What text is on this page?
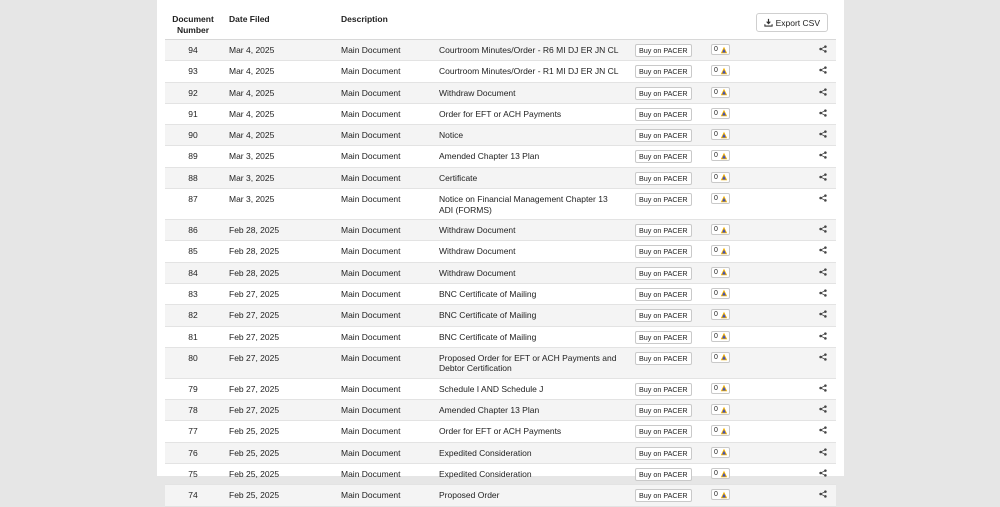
Document
Number
Date Filed	Description	Export CSV
94	Mar 4, 2025	Main Document	Courtroom Minutes/Order - R6 MI DJ ER JN CL	Buy on PACER	0
93	Mar 4, 2025	Main Document	Courtroom Minutes/Order - R1 MI DJ ER JN CL	Buy on PACER	0
92	Mar 4, 2025	Main Document	Withdraw Document	Buy on PACER	0
91	Mar 4, 2025	Main Document	Order for EFT or ACH Payments	Buy on PACER	0
90	Mar 4, 2025	Main Document	Notice	Buy on PACER	0
89	Mar 3, 2025	Main Document	Amended Chapter 13 Plan	Buy on PACER	0
88	Mar 3, 2025	Main Document	Certificate	Buy on PACER	0
87	Mar 3, 2025	Main Document	Notice on Financial Management Chapter 13 ADI (FORMS)
Buy on PACER	0
86	Feb 28, 2025	Main Document	Withdraw Document	Buy on PACER	0
85	Feb 28, 2025	Main Document	Withdraw Document	Buy on PACER	0
84	Feb 28, 2025	Main Document	Withdraw Document	Buy on PACER	0
83	Feb 27, 2025	Main Document	BNC Certificate of Mailing	Buy on PACER	0
82	Feb 27, 2025	Main Document	BNC Certificate of Mailing	Buy on PACER	0
81	Feb 27, 2025	Main Document	BNC Certificate of Mailing	Buy on PACER	0
80	Feb 27, 2025	Main Document	Proposed Order for EFT or ACH Payments and Debtor Certification
Buy on PACER	0
79	Feb 27, 2025	Main Document	Schedule I AND Schedule J	Buy on PACER	0
78	Feb 27, 2025	Main Document	Amended Chapter 13 Plan	Buy on PACER	0
77	Feb 25, 2025	Main Document	Order for EFT or ACH Payments	Buy on PACER	0
76	Feb 25, 2025	Main Document	Expedited Consideration	Buy on PACER	0
75	Feb 25, 2025	Main Document	Expedited Consideration	Buy on PACER	0
74	Feb 25, 2025	Main Document	Proposed Order	Buy on PACER	0
